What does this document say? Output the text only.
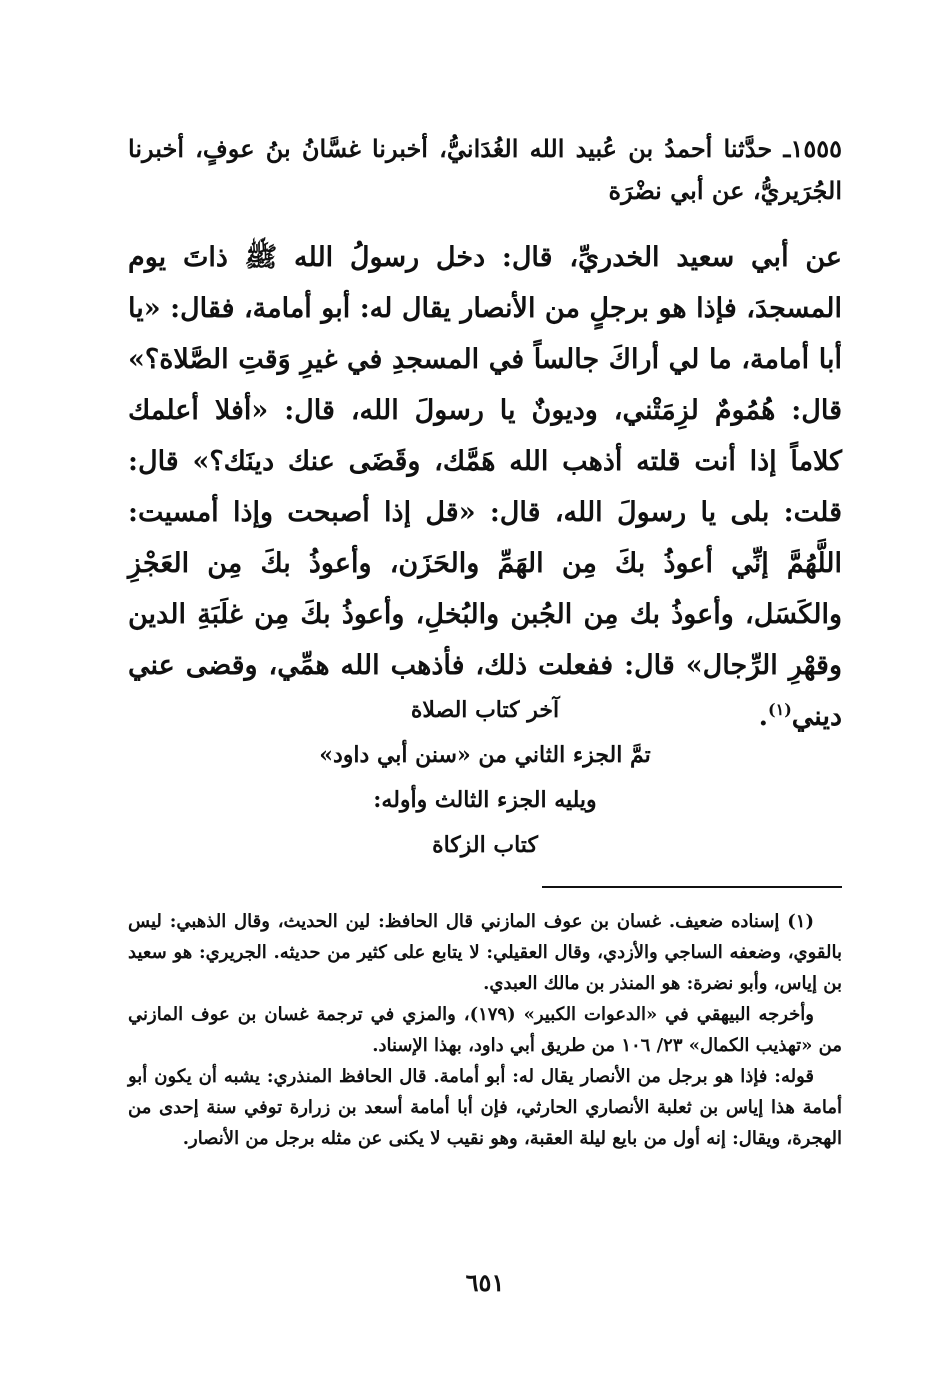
١٥٥٥ـ حدَّثنا أحمدُ بن عُبيد الله الغُدَانيُّ، أخبرنا غسَّانُ بنُ عوفٍ، أخبرنا الجُرَيريُّ، عن أبي نضْرَة
عن أبي سعيد الخدريِّ، قال: دخل رسولُ الله ﷺ ذاتَ يوم المسجدَ، فإذا هو برجلٍ من الأنصار يقال له: أبو أمامة، فقال: «يا أبا أمامة، ما لي أراكَ جالساً في المسجدِ في غيرِ وَقتِ الصَّلاة؟» قال: هُمُومٌ لزِمَتْني، وديونٌ يا رسولَ الله، قال: «أفلا أعلمك كلاماً إذا أنت قلته أذهب الله هَمَّك، وقَضَى عنك دينَك؟» قال: قلت: بلى يا رسولَ الله، قال: «قل إذا أصبحت وإذا أمسيت: اللَّهُمَّ إنِّي أعوذُ بكَ مِن الهَمِّ والحَزَن، وأعوذُ بكَ مِن العَجْزِ والكَسَل، وأعوذُ بك مِن الجُبن والبُخلِ، وأعوذُ بكَ مِن غلَبَةِ الدين وقهْرِ الرِّجال» قال: ففعلت ذلك، فأذهب الله همِّي، وقضى عني ديني$^{(١)}$.
آخر كتاب الصلاة
تمَّ الجزء الثاني من «سنن أبي داود»
ويليه الجزء الثالث وأوله:
كتاب الزكاة

(١) إسناده ضعيف. غسان بن عوف المازني قال الحافظ: لين الحديث، وقال الذهبي: ليس بالقوي، وضعفه الساجي والأزدي، وقال العقيلي: لا يتابع على كثير من حديثه. الجريري: هو سعيد بن إياس، وأبو نضرة: هو المنذر بن مالك العبدي.

وأخرجه البيهقي في «الدعوات الكبير» (١٧٩)، والمزي في ترجمة غسان بن عوف المازني من «تهذيب الكمال» ٢٣/ ١٠٦ من طريق أبي داود، بهذا الإسناد.

قوله: فإذا هو برجل من الأنصار يقال له: أبو أمامة. قال الحافظ المنذري: يشبه أن يكون أبو أمامة هذا إياس بن ثعلبة الأنصاري الحارثي، فإن أبا أمامة أسعد بن زرارة توفي سنة إحدى من الهجرة، ويقال: إنه أول من بايع ليلة العقبة، وهو نقيب لا يكنى عن مثله برجل من الأنصار.

٦٥١
